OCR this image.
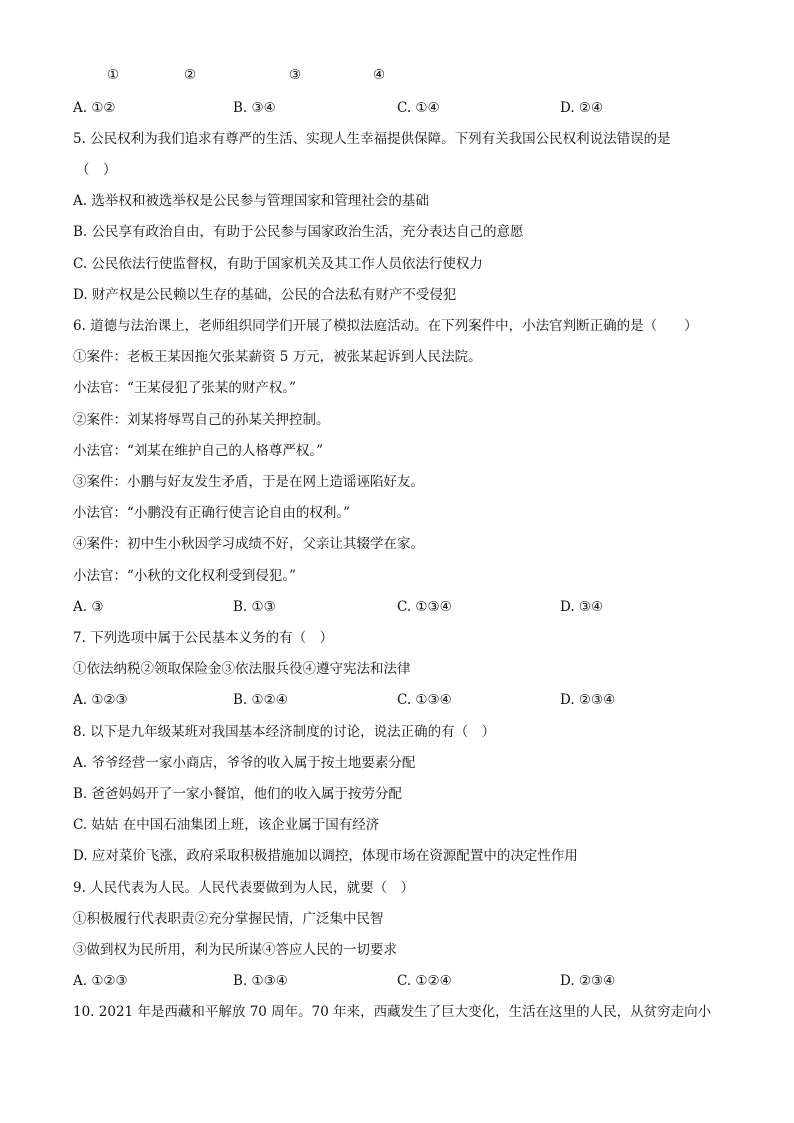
①	②	③	④
A. ①②	B. ③④	C. ①④	D. ②④
5. 公民权利为我们追求有尊严的生活、实现人生幸福提供保障。下列有关我国公民权利说法错误的是
（　）
A. 选举权和被选举权是公民参与管理国家和管理社会的基础
B. 公民享有政治自由，有助于公民参与国家政治生活，充分表达自己的意愿
C. 公民依法行使监督权，有助于国家机关及其工作人员依法行使权力
D. 财产权是公民赖以生存的基础，公民的合法私有财产不受侵犯
6. 道德与法治课上，老师组织同学们开展了模拟法庭活动。在下列案件中，小法官判断正确的是（　　）
①案件：老板王某因拖欠张某薪资 5 万元，被张某起诉到人民法院。
小法官：“王某侵犯了张某的财产权。”
②案件：刘某将辱骂自己的孙某关押控制。
小法官：“刘某在维护自己的人格尊严权。”
③案件：小鹏与好友发生矛盾，于是在网上造谣诬陷好友。
小法官：“小鹏没有正确行使言论自由的权利。”
④案件：初中生小秋因学习成绩不好，父亲让其辍学在家。
小法官：“小秋的文化权利受到侵犯。”
A. ③	B. ①③	C. ①③④	D. ③④
7. 下列选项中属于公民基本义务的有（　）
①依法纳税②领取保险金③依法服兵役④遵守宪法和法律
A. ①②③	B. ①②④	C. ①③④	D. ②③④
8. 以下是九年级某班对我国基本经济制度的讨论，说法正确的有（　）
A. 爷爷经营一家小商店，爷爷的收入属于按土地要素分配
B. 爸爸妈妈开了一家小餐馆，他们的收入属于按劳分配
C. 姑姑 在中国石油集团上班，该企业属于国有经济
D. 应对菜价飞涨，政府采取积极措施加以调控，体现市场在资源配置中的决定性作用
9. 人民代表为人民。人民代表要做到为人民，就要（　）
①积极履行代表职责②充分掌握民情，广泛集中民智
③做到权为民所用，利为民所谋④答应人民的一切要求
A. ①②③	B. ①③④	C. ①②④	D. ②③④
10. 2021 年是西藏和平解放 70 周年。70 年来，西藏发生了巨大变化，生活在这里的人民，从贫穷走向小
